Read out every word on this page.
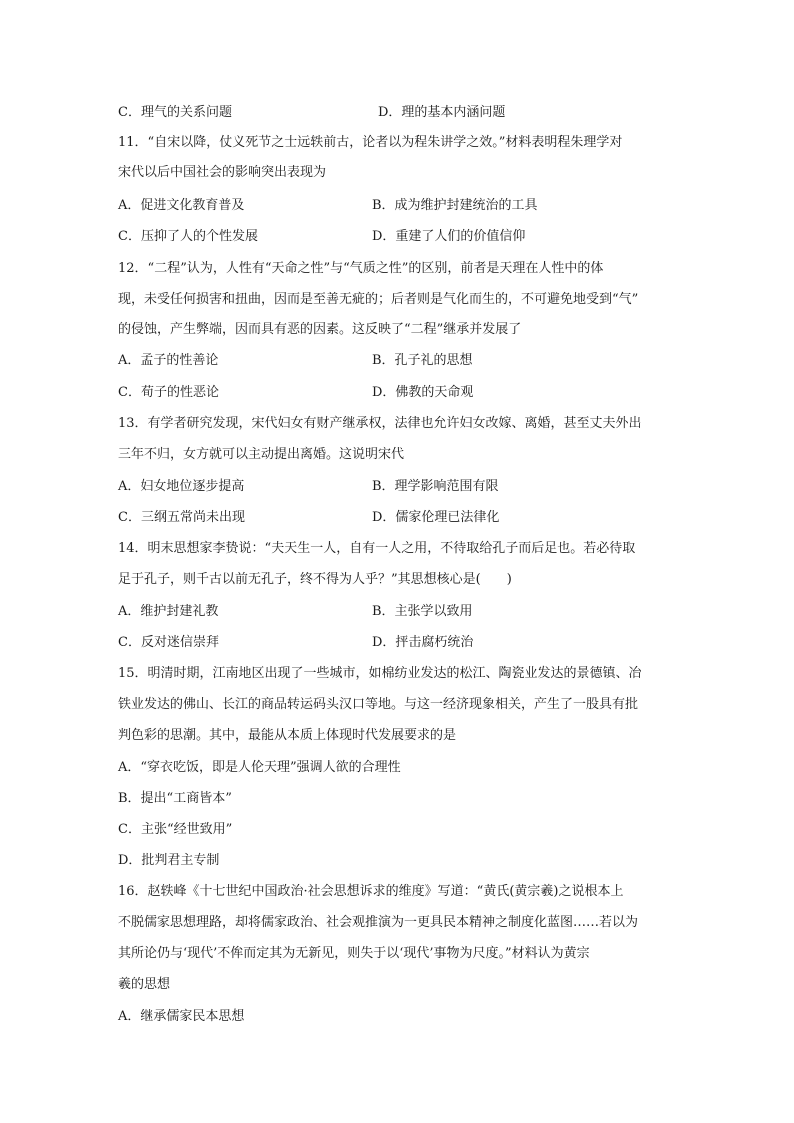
C．理气的关系问题	D．理的基本内涵问题
11．“自宋以降，仗义死节之士远轶前古，论者以为程朱讲学之效。”材料表明程朱理学对
宋代以后中国社会的影响突出表现为
A．促进文化教育普及	B．成为维护封建统治的工具
C．压抑了人的个性发展	D．重建了人们的价值信仰
12．“二程”认为，人性有“天命之性”与“气质之性”的区别，前者是天理在人性中的体
现，未受任何损害和扭曲，因而是至善无疵的；后者则是气化而生的，不可避免地受到“气”
的侵蚀，产生弊端，因而具有恶的因素。这反映了“二程”继承并发展了
A．孟子的性善论	B．孔子礼的思想
C．荀子的性恶论	D．佛教的天命观
13．有学者研究发现，宋代妇女有财产继承权，法律也允许妇女改嫁、离婚，甚至丈夫外出
三年不归，女方就可以主动提出离婚。这说明宋代
A．妇女地位逐步提高	B．理学影响范围有限
C．三纲五常尚未出现	D．儒家伦理已法律化
14．明末思想家李贽说：“夫天生一人，自有一人之用，不待取给孔子而后足也。若必待取
足于孔子，则千古以前无孔子，终不得为人乎？”其思想核心是(　　)
A．维护封建礼教	B．主张学以致用
C．反对迷信崇拜	D．抨击腐朽统治
15．明清时期，江南地区出现了一些城市，如棉纺业发达的松江、陶瓷业发达的景德镇、冶
铁业发达的佛山、长江的商品转运码头汉口等地。与这一经济现象相关，产生了一股具有批
判色彩的思潮。其中，最能从本质上体现时代发展要求的是
A．“穿衣吃饭，即是人伦天理”强调人欲的合理性
B．提出“工商皆本”
C．主张“经世致用”
D．批判君主专制
16．赵轶峰《十七世纪中国政治·社会思想诉求的维度》写道：“黄氏(黄宗羲)之说根本上
不脱儒家思想理路，却将儒家政治、社会观推演为一更具民本精神之制度化蓝图……若以为
其所论仍与‘现代’不侔而定其为无新见，则失于以‘现代’事物为尺度。”材料认为黄宗
羲的思想
A．继承儒家民本思想
